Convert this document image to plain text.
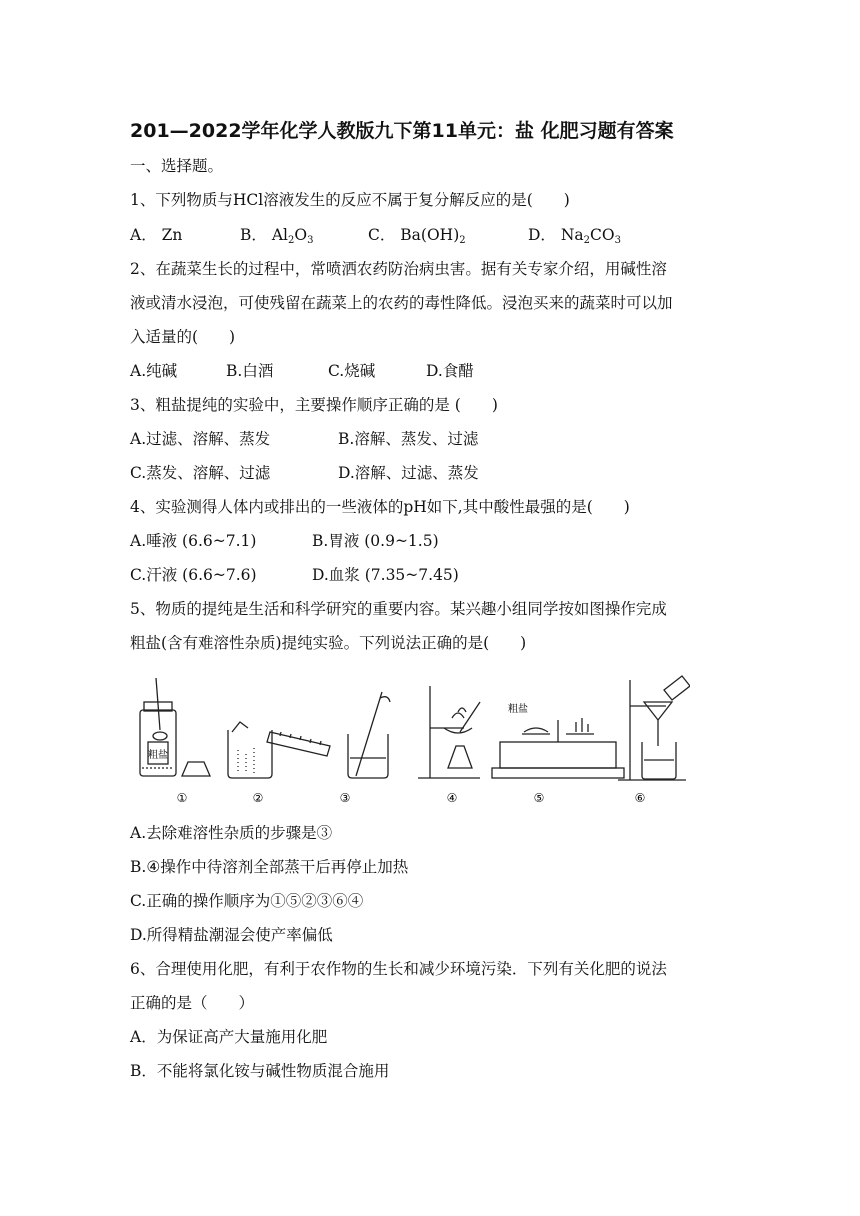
201—2022学年化学人教版九下第11单元：盐 化肥习题有答案
一、选择题。
1、下列物质与HCl溶液发生的反应不属于复分解反应的是(　　)
A． Zn	B． $Al_2O_3$	C． $Ba(OH)_2$	D． $Na_2CO_3$
2、在蔬菜生长的过程中，常喷洒农药防治病虫害。据有关专家介绍，用碱性溶
液或清水浸泡，可使残留在蔬菜上的农药的毒性降低。浸泡买来的蔬菜时可以加
入适量的(　　)
A.纯碱	B.白酒	C.烧碱	D.食醋
3、粗盐提纯的实验中，主要操作顺序正确的是 (　　)
A.过滤、溶解、蒸发	B.溶解、蒸发、过滤
C.蒸发、溶解、过滤	D.溶解、过滤、蒸发
4、实验测得人体内或排出的一些液体的pH如下,其中酸性最强的是(　　)
A.唾液 (6.6~7.1)	B.胃液 (0.9~1.5)
C.汗液 (6.6~7.6)	D.血浆 (7.35~7.45)
5、物质的提纯是生活和科学研究的重要内容。某兴趣小组同学按如图操作完成
粗盐(含有难溶性杂质)提纯实验。下列说法正确的是(　　)
粗盐
粗盐
①	②	③	④	⑤	⑥
A.去除难溶性杂质的步骤是③
B.④操作中待溶剂全部蒸干后再停止加热
C.正确的操作顺序为①⑤②③⑥④
D.所得精盐潮湿会使产率偏低
6、合理使用化肥，有利于农作物的生长和减少环境污染．下列有关化肥的说法
正确的是（　　）
A．为保证高产大量施用化肥
B．不能将氯化铵与碱性物质混合施用
